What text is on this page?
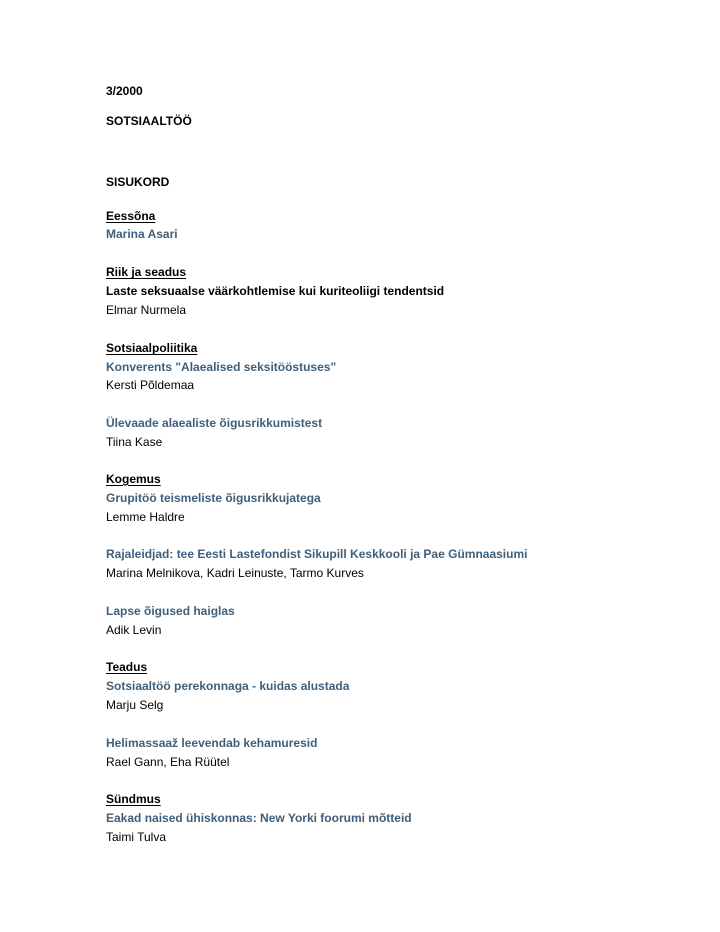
3/2000
SOTSIAALTÖÖ
SISUKORD
Eessõna
Marina Asari
Riik ja seadus
Laste seksuaalse väärkohtlemise kui kuriteoliigi tendentsid
Elmar Nurmela
Sotsiaalpoliitika
Konverents "Alaealised seksitööstuses"
Kersti Põldemaa
Ülevaade alaealiste õigusrikkumistest
Tiina Kase
Kogemus
Grupitöö teismeliste õigusrikkujatega
Lemme Haldre
Rajaleidjad: tee Eesti Lastefondist Sikupill Keskkooli ja Pae Gümnaasiumi
Marina Melnikova, Kadri Leinuste, Tarmo Kurves
Lapse õigused haiglas
Adik Levin
Teadus
Sotsiaaltöö perekonnaga - kuidas alustada
Marju Selg
Helimassaaž leevendab kehamuresid
Rael Gann, Eha Rüütel
Sündmus
Eakad naised ühiskonnas: New Yorki foorumi mõtteid
Taimi Tulva
